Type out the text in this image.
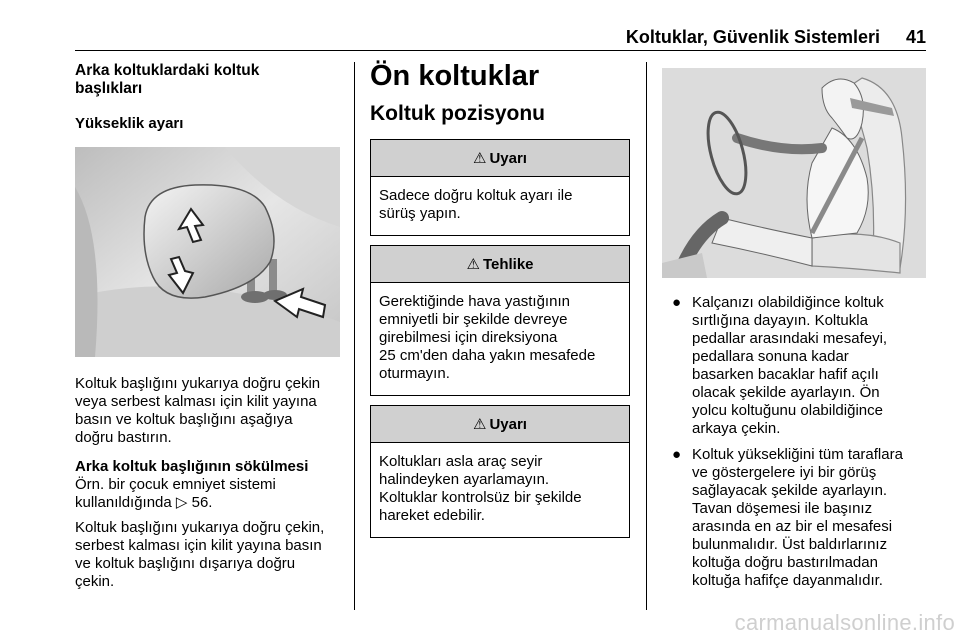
Koltuklar, Güvenlik Sistemleri	41
Arka koltuklardaki koltuk
başlıkları
Yükseklik ayarı
Koltuk başlığını yukarıya doğru çekin
veya serbest kalması için kilit yayına
basın ve koltuk başlığını aşağıya
doğru bastırın.
Arka koltuk başlığının sökülmesi
Örn. bir çocuk emniyet sistemi
kullanıldığında ▷ 56.
Koltuk başlığını yukarıya doğru çekin,
serbest kalması için kilit yayına basın
ve koltuk başlığını dışarıya doğru
çekin.
Ön koltuklar
Koltuk pozisyonu
⚠ Uyarı
Sadece doğru koltuk ayarı ile
sürüş yapın.
⚠ Tehlike
Gerektiğinde hava yastığının
emniyetli bir şekilde devreye
girebilmesi için direksiyona
25 cm'den daha yakın mesafede
oturmayın.
⚠ Uyarı
Koltukları asla araç seyir
halindeyken ayarlamayın.
Koltuklar kontrolsüz bir şekilde
hareket edebilir.
● Kalçanızı olabildiğince koltuk
sırtlığına dayayın. Koltukla
pedallar arasındaki mesafeyi,
pedallara sonuna kadar
basarken bacaklar hafif açılı
olacak şekilde ayarlayın. Ön
yolcu koltuğunu olabildiğince
arkaya çekin.
● Koltuk yüksekliğini tüm taraflara
ve göstergelere iyi bir görüş
sağlayacak şekilde ayarlayın.
Tavan döşemesi ile başınız
arasında en az bir el mesafesi
bulunmalıdır. Üst baldırlarınız
koltuğa doğru bastırılmadan
koltuğa hafifçe dayanmalıdır.
carmanualsonline.info
